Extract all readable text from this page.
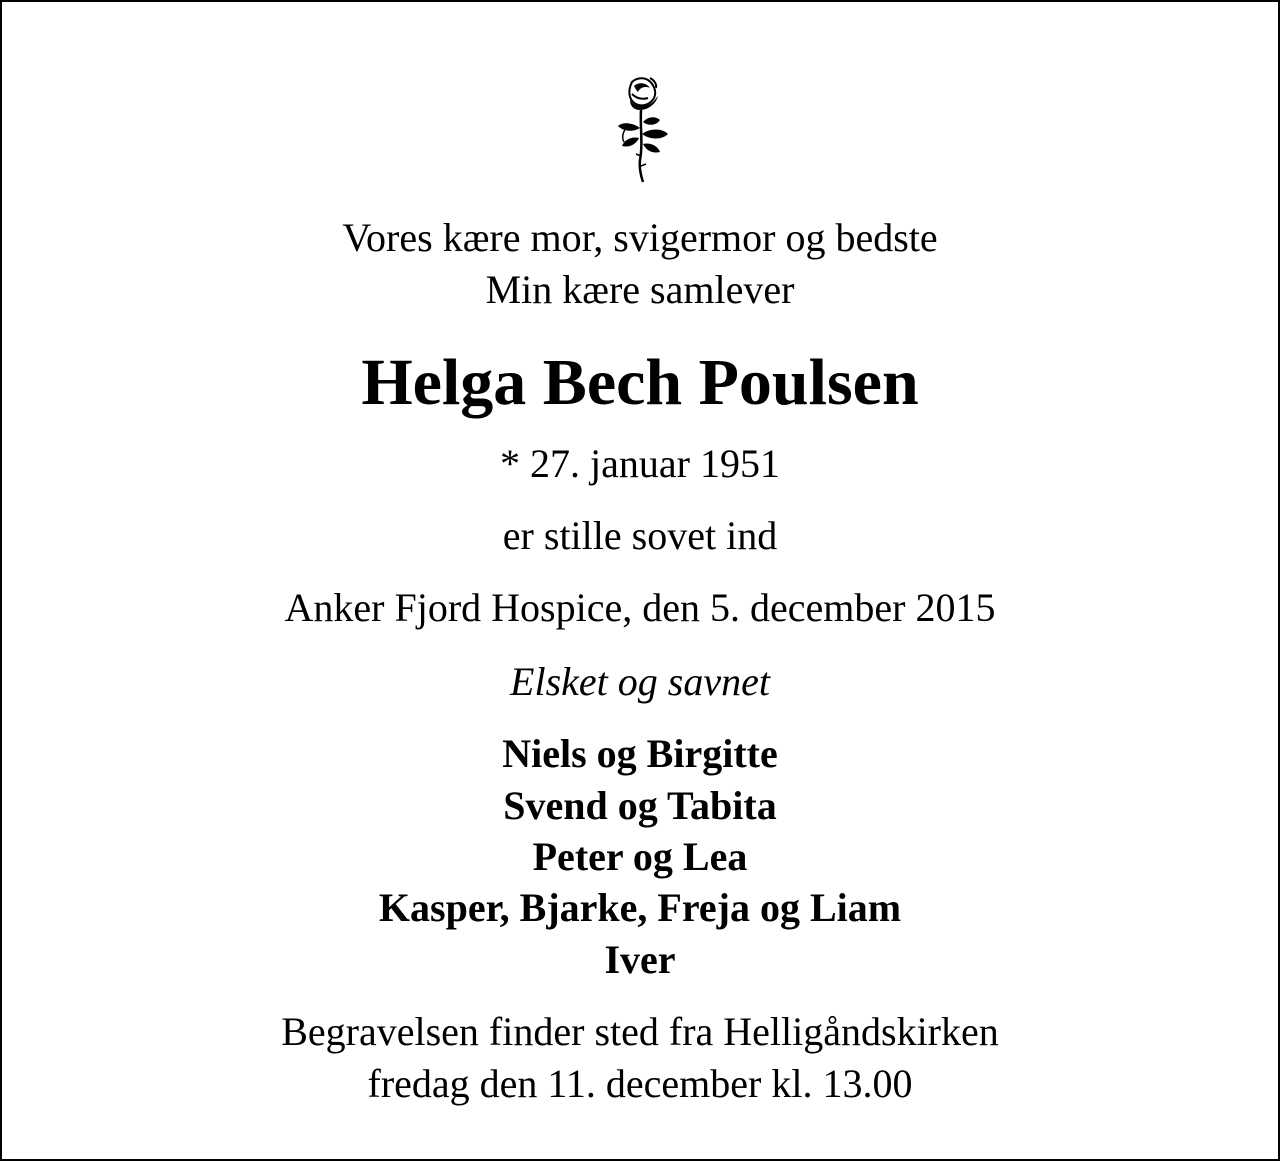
Vores kære mor, svigermor og bedste
Min kære samlever
Helga Bech Poulsen
* 27. januar 1951
er stille sovet ind
Anker Fjord Hospice, den 5. december 2015
Elsket og savnet
Niels og Birgitte
Svend og Tabita
Peter og Lea
Kasper, Bjarke, Freja og Liam
Iver
Begravelsen finder sted fra Helligåndskirken
fredag den 11. december kl. 13.00
